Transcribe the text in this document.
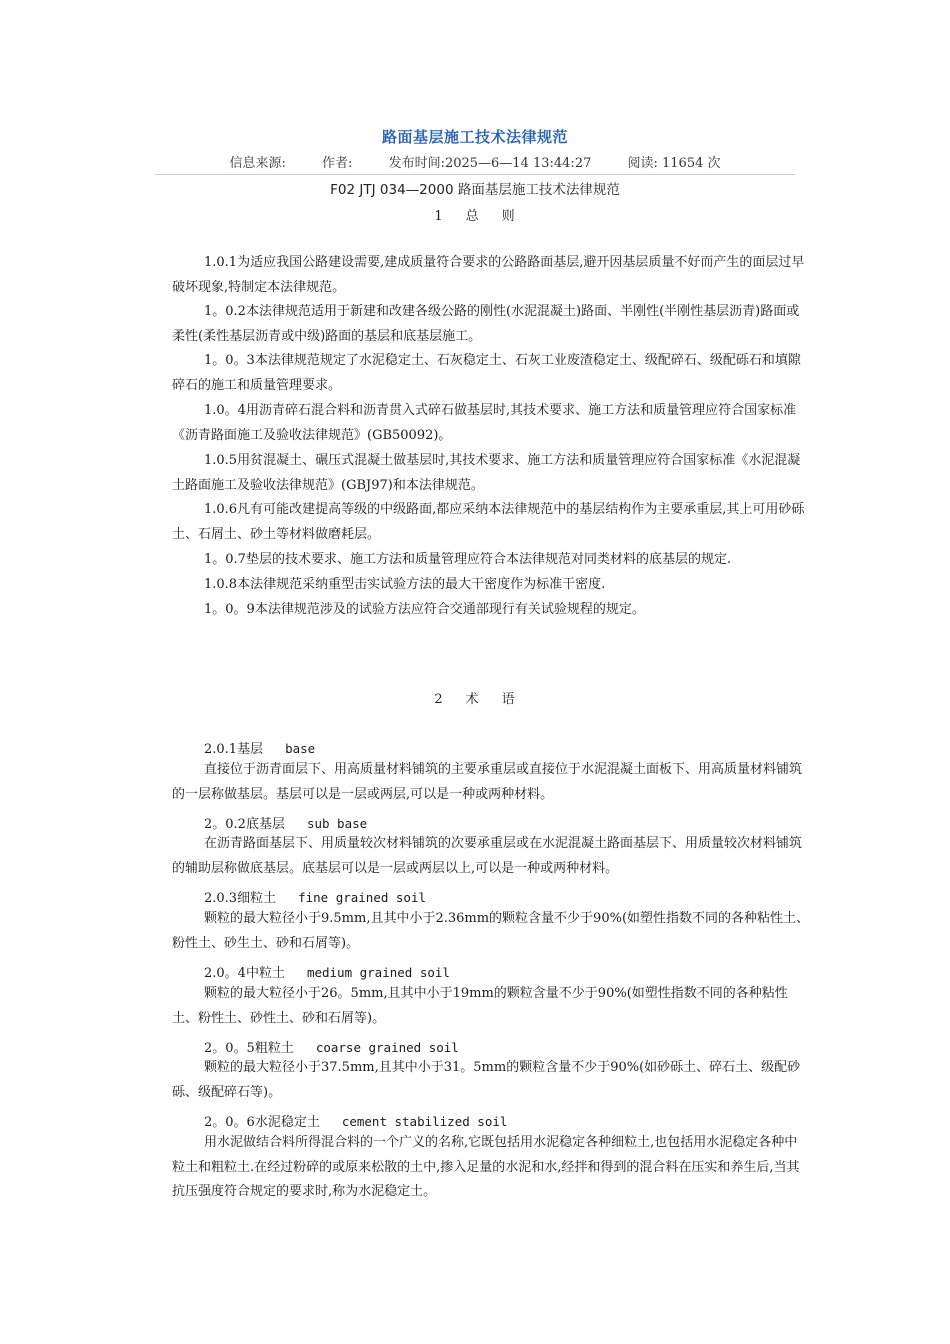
路面基层施工技术法律规范
信息来源:	作者:	发布时间:2025—6—14 13:44:27	阅读: 11654 次
F02 JTJ 034—2000 路面基层施工技术法律规范
1 总 则

1.0.1为适应我国公路建设需要,建成质量符合要求的公路路面基层,避开因基层质量不好而产生的面层过早破坏现象,特制定本法律规范。

1。0.2本法律规范适用于新建和改建各级公路的刚性(水泥混凝土)路面、半刚性(半刚性基层沥青)路面或柔性(柔性基层沥青或中级)路面的基层和底基层施工。

1。0。3本法律规范规定了水泥稳定土、石灰稳定土、石灰工业废渣稳定土、级配碎石、级配砾石和填隙碎石的施工和质量管理要求。

1.0。4用沥青碎石混合料和沥青贯入式碎石做基层时,其技术要求、施工方法和质量管理应符合国家标准《沥青路面施工及验收法律规范》(GB50092)。

1.0.5用贫混凝土、碾压式混凝土做基层时,其技术要求、施工方法和质量管理应符合国家标准《水泥混凝土路面施工及验收法律规范》(GBJ97)和本法律规范。

1.0.6凡有可能改建提高等级的中级路面,都应采纳本法律规范中的基层结构作为主要承重层,其上可用砂砾土、石屑土、砂土等材料做磨耗层。

1。0.7垫层的技术要求、施工方法和质量管理应符合本法律规范对同类材料的底基层的规定.

1.0.8本法律规范采纳重型击实试验方法的最大干密度作为标准干密度.

1。0。9本法律规范涉及的试验方法应符合交通部现行有关试验规程的规定。

2 术 语
2.0.1基层 base

直接位于沥青面层下、用高质量材料铺筑的主要承重层或直接位于水泥混凝土面板下、用高质量材料铺筑的一层称做基层。基层可以是一层或两层,可以是一种或两种材料。

2。0.2底基层 sub base

在沥青路面基层下、用质量较次材料铺筑的次要承重层或在水泥混凝土路面基层下、用质量较次材料铺筑的辅助层称做底基层。底基层可以是一层或两层以上,可以是一种或两种材料。

2.0.3细粒土 fine grained soil

颗粒的最大粒径小于9.5mm,且其中小于2.36mm的颗粒含量不少于90%(如塑性指数不同的各种粘性土、粉性土、砂生土、砂和石屑等)。

2.0。4中粒土 medium grained soil

颗粒的最大粒径小于26。5mm,且其中小于19mm的颗粒含量不少于90%(如塑性指数不同的各种粘性土、粉性土、砂性土、砂和石屑等)。

2。0。5粗粒土 coarse grained soil

颗粒的最大粒径小于37.5mm,且其中小于31。5mm的颗粒含量不少于90%(如砂砾土、碎石土、级配砂砾、级配碎石等)。

2。0。6水泥稳定土 cement stabilized soil

用水泥做结合料所得混合料的一个广义的名称,它既包括用水泥稳定各种细粒土,也包括用水泥稳定各种中粒土和粗粒土.在经过粉碎的或原来松散的土中,掺入足量的水泥和水,经拌和得到的混合料在压实和养生后,当其抗压强度符合规定的要求时,称为水泥稳定土。
